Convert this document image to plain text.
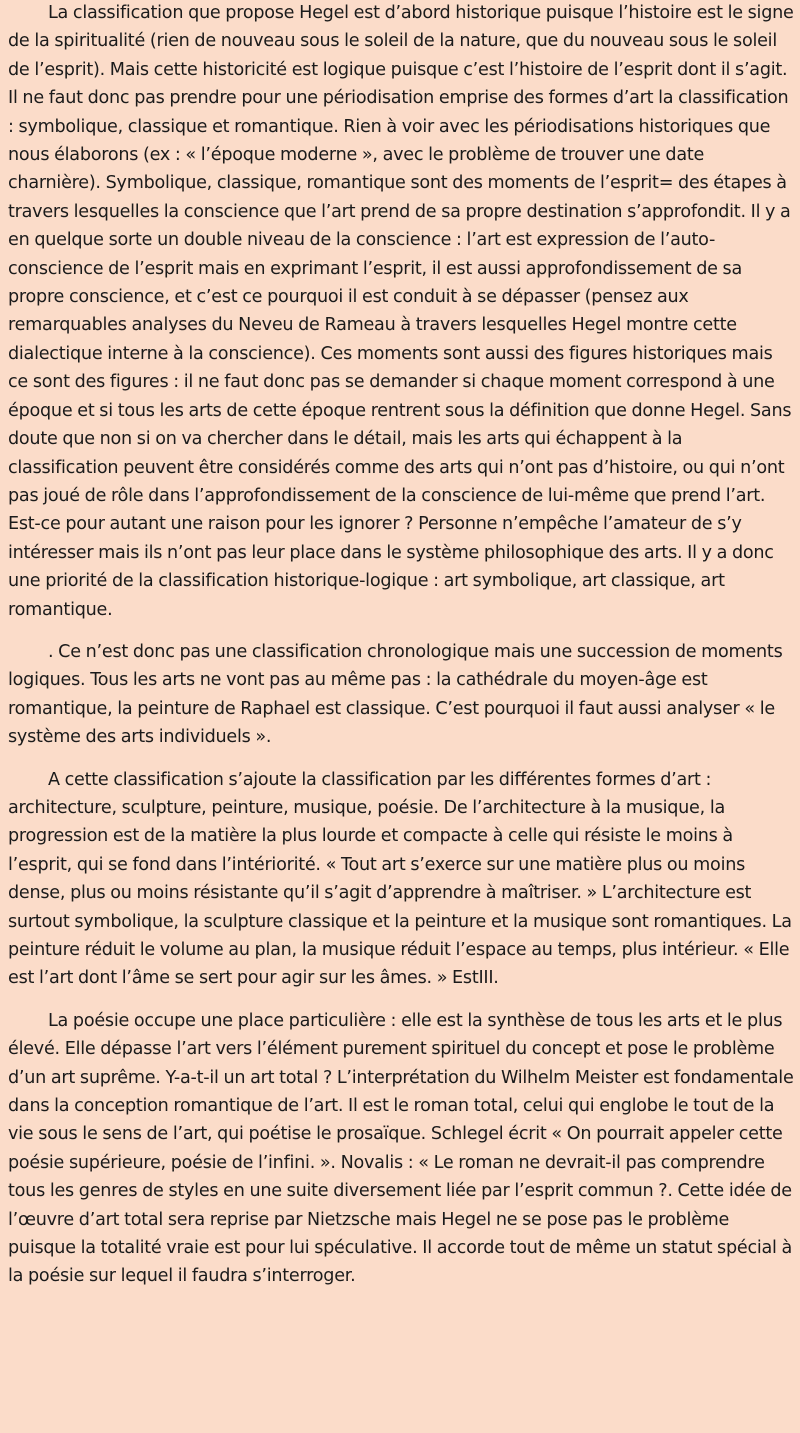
La classification que propose Hegel est d’abord historique puisque l’histoire est le signe de la spiritualité (rien de nouveau sous le soleil de la nature, que du nouveau sous le soleil de l’esprit). Mais cette historicité est logique puisque c’est l’histoire de l’esprit dont il s’agit. Il ne faut donc pas prendre pour une périodisation emprise des formes d’art la classification : symbolique, classique et romantique. Rien à voir avec les périodisations historiques que nous élaborons (ex : « l’époque moderne », avec le problème de trouver une date charnière). Symbolique, classique, romantique sont des moments de l’esprit= des étapes à travers lesquelles la conscience que l’art prend de sa propre destination s’approfondit. Il y a en quelque sorte un double niveau de la conscience : l’art est expression de l’auto-conscience de l’esprit mais en exprimant l’esprit, il est aussi approfondissement de sa propre conscience, et c’est ce pourquoi il est conduit à se dépasser (pensez aux remarquables analyses du Neveu de Rameau à travers lesquelles Hegel montre cette dialectique interne à la conscience). Ces moments sont aussi des figures historiques mais ce sont des figures : il ne faut donc pas se demander si chaque moment correspond à une époque et si tous les arts de cette époque rentrent sous la définition que donne Hegel. Sans doute que non si on va chercher dans le détail, mais les arts qui échappent à la classification peuvent être considérés comme des arts qui n’ont pas d’histoire, ou qui n’ont pas joué de rôle dans l’approfondissement de la conscience de lui-même que prend l’art. Est-ce pour autant une raison pour les ignorer ? Personne n’empêche l’amateur de s’y intéresser mais ils n’ont pas leur place dans le système philosophique des arts. Il y a donc une priorité de la classification historique-logique : art symbolique, art classique, art romantique.

. Ce n’est donc pas une classification chronologique mais une succession de moments logiques. Tous les arts ne vont pas au même pas : la cathédrale du moyen-âge est romantique, la peinture de Raphael est classique. C’est pourquoi il faut aussi analyser « le système des arts individuels ».

A cette classification s’ajoute la classification par les différentes formes d’art : architecture, sculpture, peinture, musique, poésie. De l’architecture à la musique, la progression est de la matière la plus lourde et compacte à celle qui résiste le moins à l’esprit, qui se fond dans l’intériorité. « Tout art s’exerce sur une matière plus ou moins dense, plus ou moins résistante qu’il s’agit d’apprendre à maîtriser. » L’architecture est surtout symbolique, la sculpture classique et la peinture et la musique sont romantiques. La peinture réduit le volume au plan, la musique réduit l’espace au temps, plus intérieur. « Elle est l’art dont l’âme se sert pour agir sur les âmes. » EstIII.

La poésie occupe une place particulière : elle est la synthèse de tous les arts et le plus élevé. Elle dépasse l’art vers l’élément purement spirituel du concept et pose le problème d’un art suprême. Y-a-t-il un art total ? L’interprétation du Wilhelm Meister est fondamentale dans la conception romantique de l’art. Il est le roman total, celui qui englobe le tout de la vie sous le sens de l’art, qui poétise le prosaïque. Schlegel écrit « On pourrait appeler cette poésie supérieure, poésie de l’infini. ». Novalis : « Le roman ne devrait-il pas comprendre tous les genres de styles en une suite diversement liée par l’esprit commun ?. Cette idée de l’œuvre d’art total sera reprise par Nietzsche mais Hegel ne se pose pas le problème puisque la totalité vraie est pour lui spéculative. Il accorde tout de même un statut spécial à la poésie sur lequel il faudra s’interroger.
